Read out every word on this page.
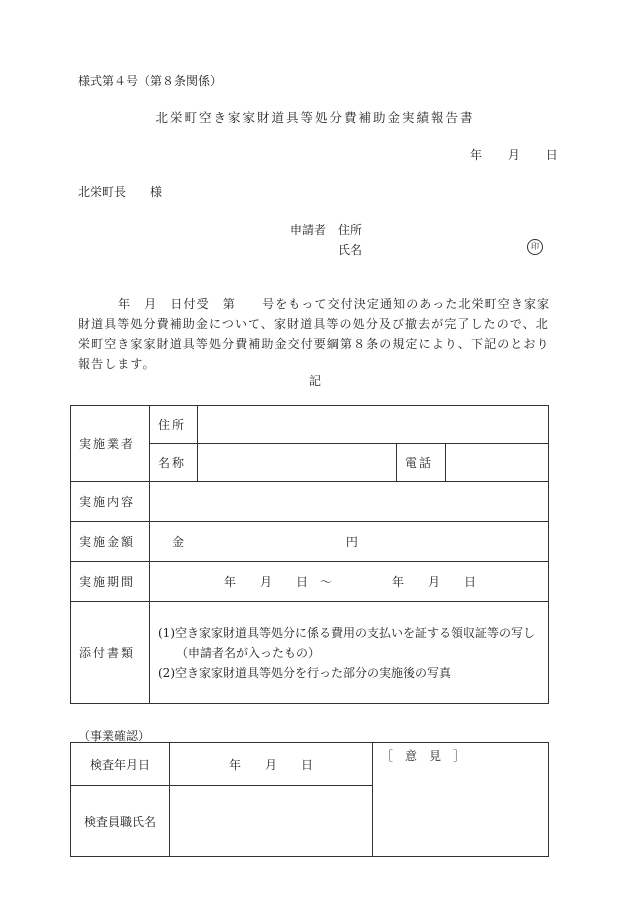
様式第４号（第８条関係）
北栄町空き家家財道具等処分費補助金実績報告書
年 月 日
北栄町長　　様
申請者 住所
氏名	印
年　月　日付受　第　　号をもって交付決定通知のあった北栄町空き家家財道具等処分費補助金について、家財道具等の処分及び撤去が完了したので、北栄町空き家家財道具等処分費補助金交付要綱第８条の規定により、下記のとおり報告します。
記
実施業者	住所			
	名称		電話	
実施内容				
実施金額	金 円			
実施期間	年　　月　　日　～　　　　　年　　月　　日			
添付書類	(1)空き家家財道具等処分に係る費用の支払いを証する領収証等の写し
（申請者名が入ったもの）
(2)空き家家財道具等処分を行った部分の実施後の写真			
（事業確認）
検査年月日	年　　月　　日	［　意　見　］
検査員職氏名		
